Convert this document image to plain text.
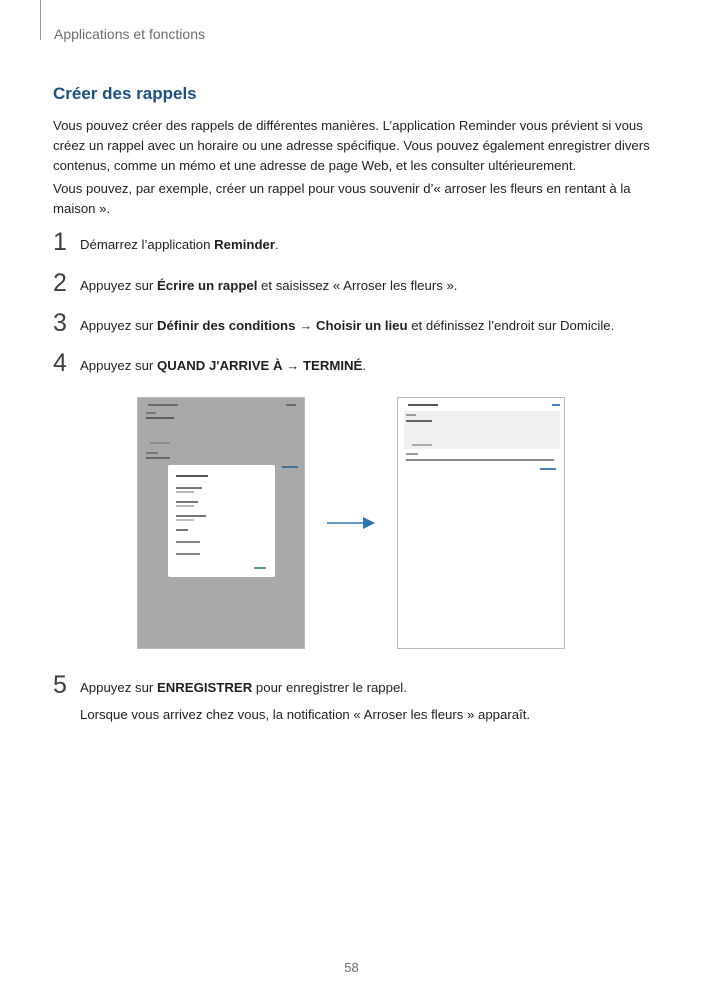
Applications et fonctions
Créer des rappels

Vous pouvez créer des rappels de différentes manières. L’application Reminder vous prévient si vous créez un rappel avec un horaire ou une adresse spécifique. Vous pouvez également enregistrer divers contenus, comme un mémo et une adresse de page Web, et les consulter ultérieurement.

Vous pouvez, par exemple, créer un rappel pour vous souvenir d’« arroser les fleurs en rentant à la maison ».

1 Démarrez l’application Reminder.
2 Appuyez sur Écrire un rappel et saisissez « Arroser les fleurs ».
3 Appuyez sur Définir des conditions → Choisir un lieu et définissez l’endroit sur Domicile.
4 Appuyez sur QUAND J'ARRIVE À → TERMINÉ.
5 Appuyez sur ENREGISTRER pour enregistrer le rappel.
Lorsque vous arrivez chez vous, la notification « Arroser les fleurs » apparaît.
58
